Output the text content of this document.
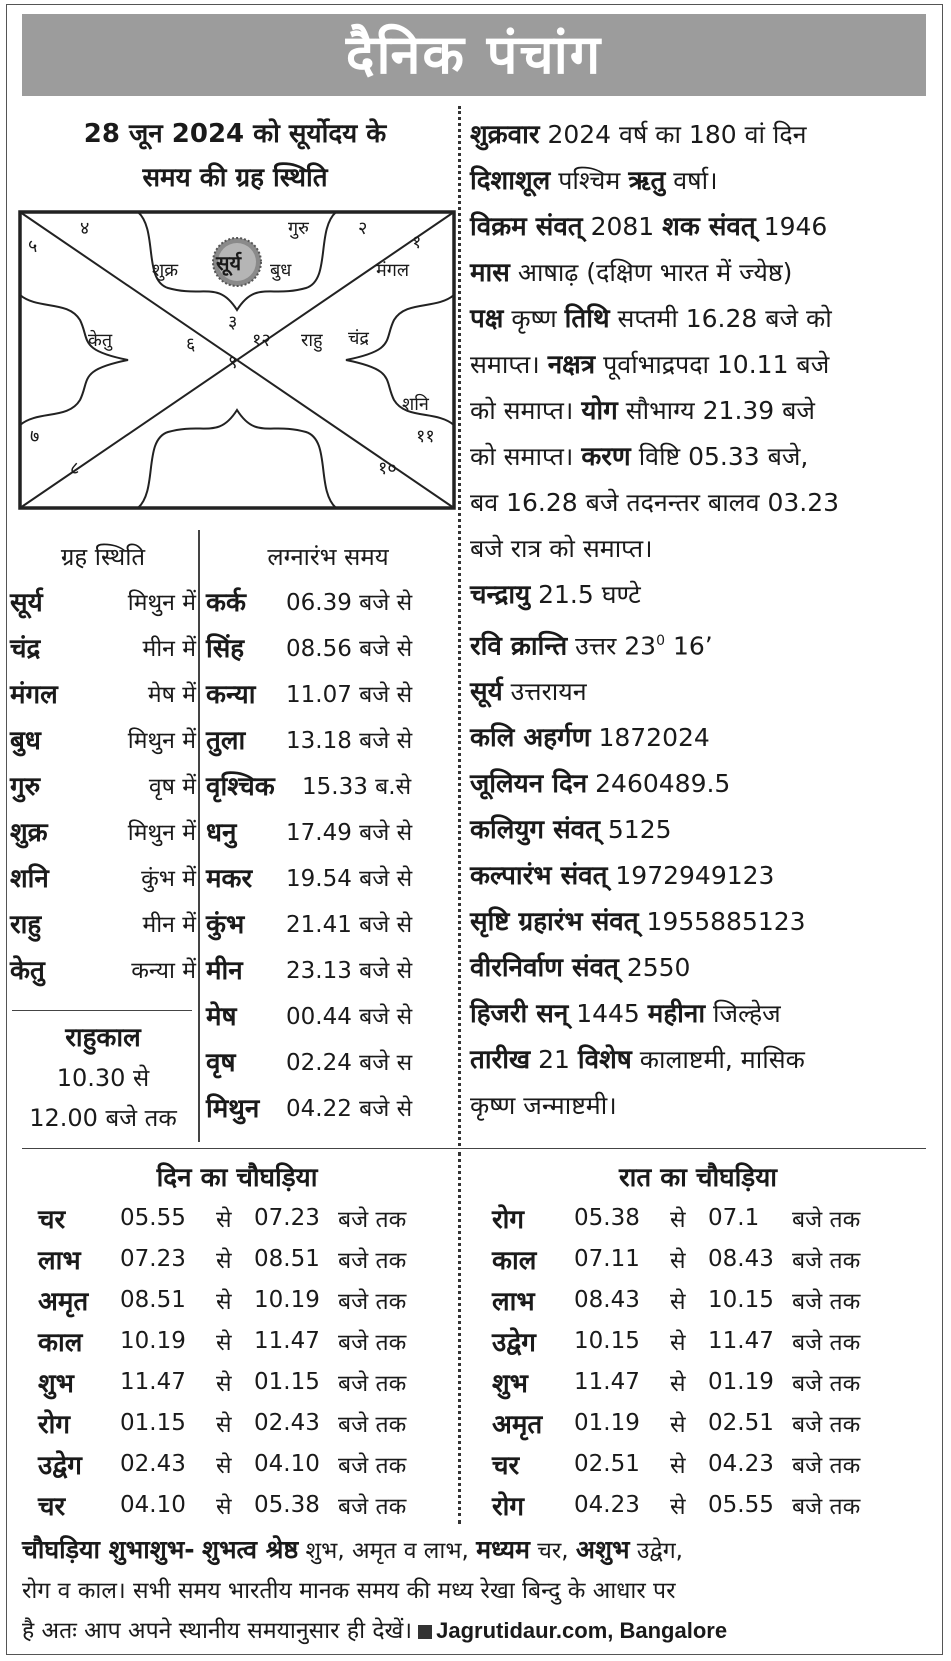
दैनिक पंचांग
28 जून 2024 को सूर्योदय के
समय की ग्रह स्थिति
४	गुरु	२
१
५
शुक्र सूर्य बुध	मंगल
३
केतु	६	१२ राहु चंद्र
९
शनि
७	११
८	१०
ग्रह स्थिति
सूर्य	मिथुन में
चंद्र	मीन में
मंगल	मेष में
बुध	मिथुन में
गुरु	वृष में
शुक्र	मिथुन में
शनि	कुंभ में
राहु	मीन में
केतु	कन्या में
राहुकाल
10.30 से
12.00 बजे तक
लग्नारंभ समय
कर्क	06.39 बजे से
सिंह	08.56 बजे से
कन्या	11.07 बजे से
तुला	13.18 बजे से
वृश्चिक	15.33 ब.से
धनु	17.49 बजे से
मकर	19.54 बजे से
कुंभ	21.41 बजे से
मीन	23.13 बजे से
मेष	00.44 बजे से
वृष	02.24 बजे स
मिथुन	04.22 बजे से
शुक्रवार 2024 वर्ष का 180 वां दिन
दिशाशूल पश्चिम ऋतु वर्षा।
विक्रम संवत् 2081 शक संवत् 1946
मास आषाढ़ (दक्षिण भारत में ज्येष्ठ)
पक्ष कृष्ण तिथि सप्तमी 16.28 बजे को
समाप्त। नक्षत्र पूर्वाभाद्रपदा 10.11 बजे
को समाप्त। योग सौभाग्य 21.39 बजे
को समाप्त। करण विष्टि 05.33 बजे,
बव 16.28 बजे तदनन्तर बालव 03.23
बजे रात्र को समाप्त।
चन्द्रायु 21.5 घण्टे
रवि क्रान्ति उत्तर $23^0$ 16’
सूर्य उत्तरायन
कलि अहर्गण 1872024
जूलियन दिन 2460489.5
कलियुग संवत् 5125
कल्पारंभ संवत् 1972949123
सृष्टि ग्रहारंभ संवत् 1955885123
वीरनिर्वाण संवत् 2550
हिजरी सन् 1445 महीना जिल्हेज
तारीख 21 विशेष कालाष्टमी, मासिक
कृष्ण जन्माष्टमी।
दिन का चौघड़िया
चर	05.55	से 07.23 बजे तक
लाभ	07.23	से 08.51 बजे तक
अमृत	08.51	से 10.19 बजे तक
काल	10.19	से 11.47 बजे तक
शुभ	11.47	से 01.15 बजे तक
रोग	01.15	से 02.43 बजे तक
उद्वेग	02.43	से 04.10 बजे तक
चर	04.10	से 05.38 बजे तक
रात का चौघड़िया
रोग	05.38	से 07.1	बजे तक
काल	07.11	से 08.43 बजे तक
लाभ	08.43	से 10.15 बजे तक
उद्वेग	10.15	से 11.47 बजे तक
शुभ	11.47	से 01.19 बजे तक
अमृत	01.19	से 02.51 बजे तक
चर	02.51	से 04.23 बजे तक
रोग	04.23	से 05.55 बजे तक
चौघड़िया शुभाशुभ- शुभत्व श्रेष्ठ शुभ, अमृत व लाभ, मध्यम चर, अशुभ उद्वेग,
रोग व काल। सभी समय भारतीय मानक समय की मध्य रेखा बिन्दु के आधार पर
है अतः आप अपने स्थानीय समयानुसार ही देखें। Jagrutidaur.com, Bangalore
